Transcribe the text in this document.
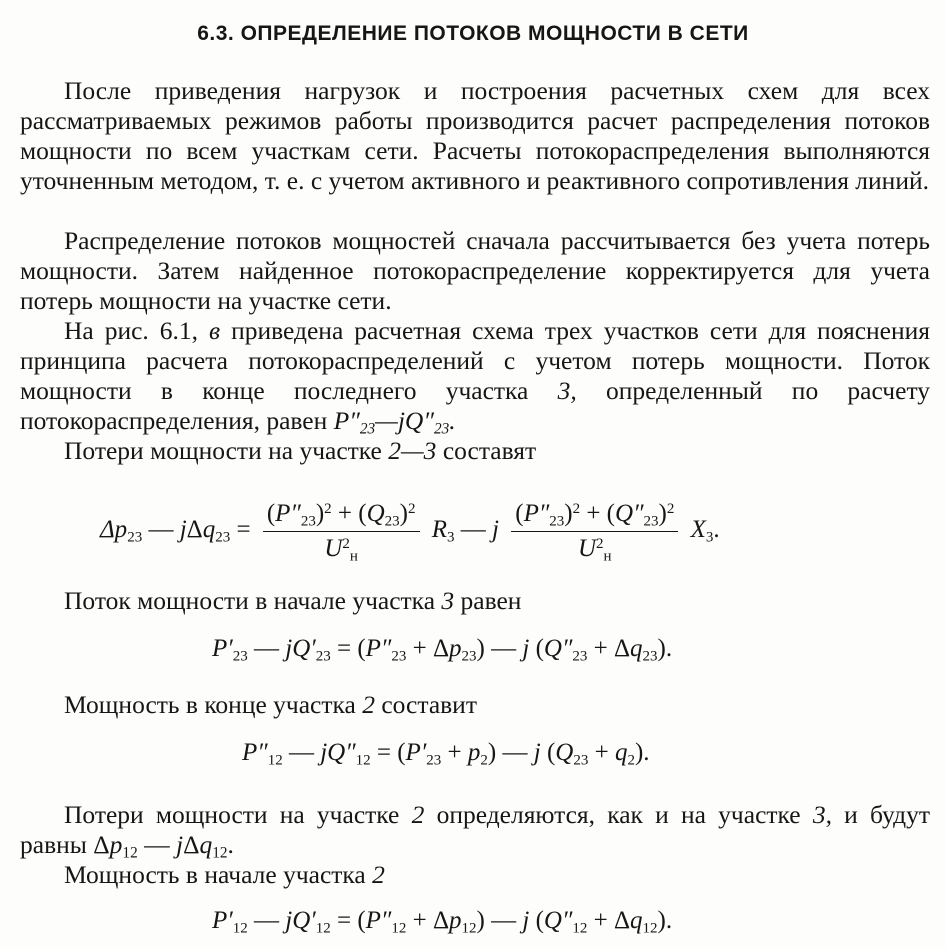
6.3. ОПРЕДЕЛЕНИЕ ПОТОКОВ МОЩНОСТИ В СЕТИ
После приведения нагрузок и построения расчетных схем для всех рассматриваемых режимов работы производится расчет распределения потоков мощности по всем участкам сети. Расчеты потокораспределения выполняются уточненным методом, т. е. с учетом активного и реактивного сопротивления линий.
Распределение потоков мощностей сначала рассчитывается без учета потерь мощности. Затем найденное потокораспределение корректируется для учета потерь мощности на участке сети.
На рис. 6.1, в приведена расчетная схема трех участков сети для пояснения принципа расчета потокораспределений с учетом потерь мощности. Поток мощности в конце последнего участка 3, определенный по расчету потокораспределения, равен $P''_{23}—jQ''_{23}$.
Потери мощности на участке 2—3 составят
$\Delta p_{23}$ — $j\Delta q_{23} = \frac{(P''_{23})^2 + (Q_{23})^2}{U^2_н} R_3$ — j $\frac{(P''_{23})^2 + (Q''_{23})^2}{U^2_н} X_3$.
Поток мощности в начале участка 3 равен
$P'_{23}$ — $jQ'_{23} = (P''_{23} + \Delta p_{23})$ — j $(Q''_{23} + \Delta q_{23})$.
Мощность в конце участка 2 составит
$P''_{12}$ — $jQ''_{12} = (P'_{23} + p_2)$ — j $(Q_{23} + q_2)$.
Потери мощности на участке 2 определяются, как и на участке 3, и будут равны $\Delta p_{12}$ — jΔq$_{12}$.
Мощность в начале участка 2
$P'_{12}$ — $jQ'_{12} = (P''_{12} + \Delta p_{12})$ — j $(Q''_{12} + \Delta q_{12})$.
